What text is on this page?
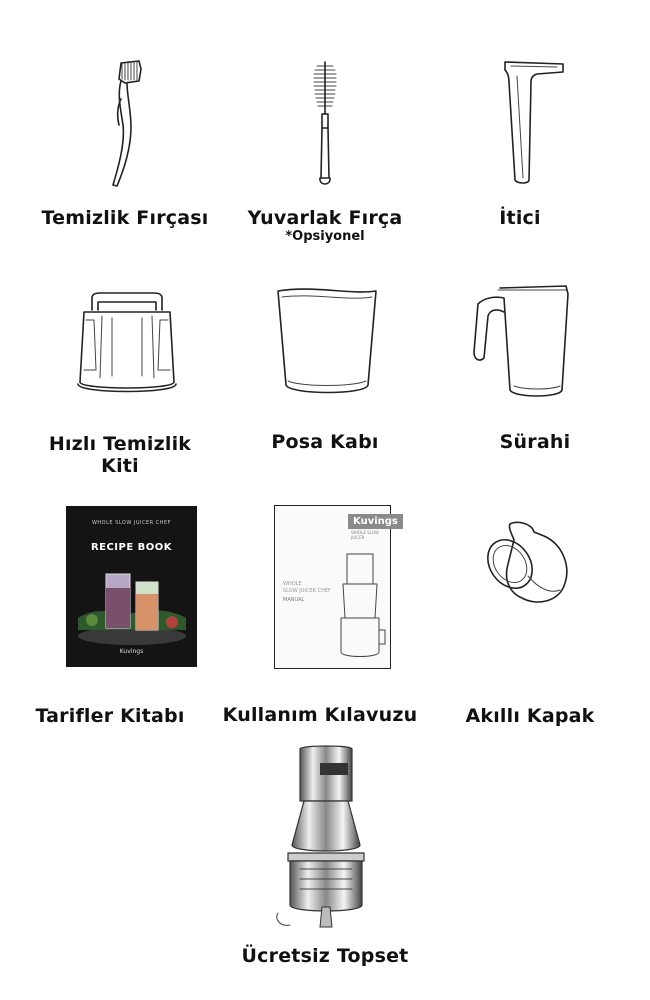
Temizlik Fırçası	Yuvarlak Fırça
*Opsiyonel
İtici
Hızlı Temizlik
Kiti
Posa Kabı	Sürahi
WHOLE SLOW JUICER CHEF
RECIPE BOOK
Kuvings
Tarifler Kitabı
Kuvings
WHOLE SLOW JUICER
WHOLE
SLOW JUICER CHEF
MANUAL
Kullanım Kılavuzu	Akıllı Kapak
Ücretsiz Topset
